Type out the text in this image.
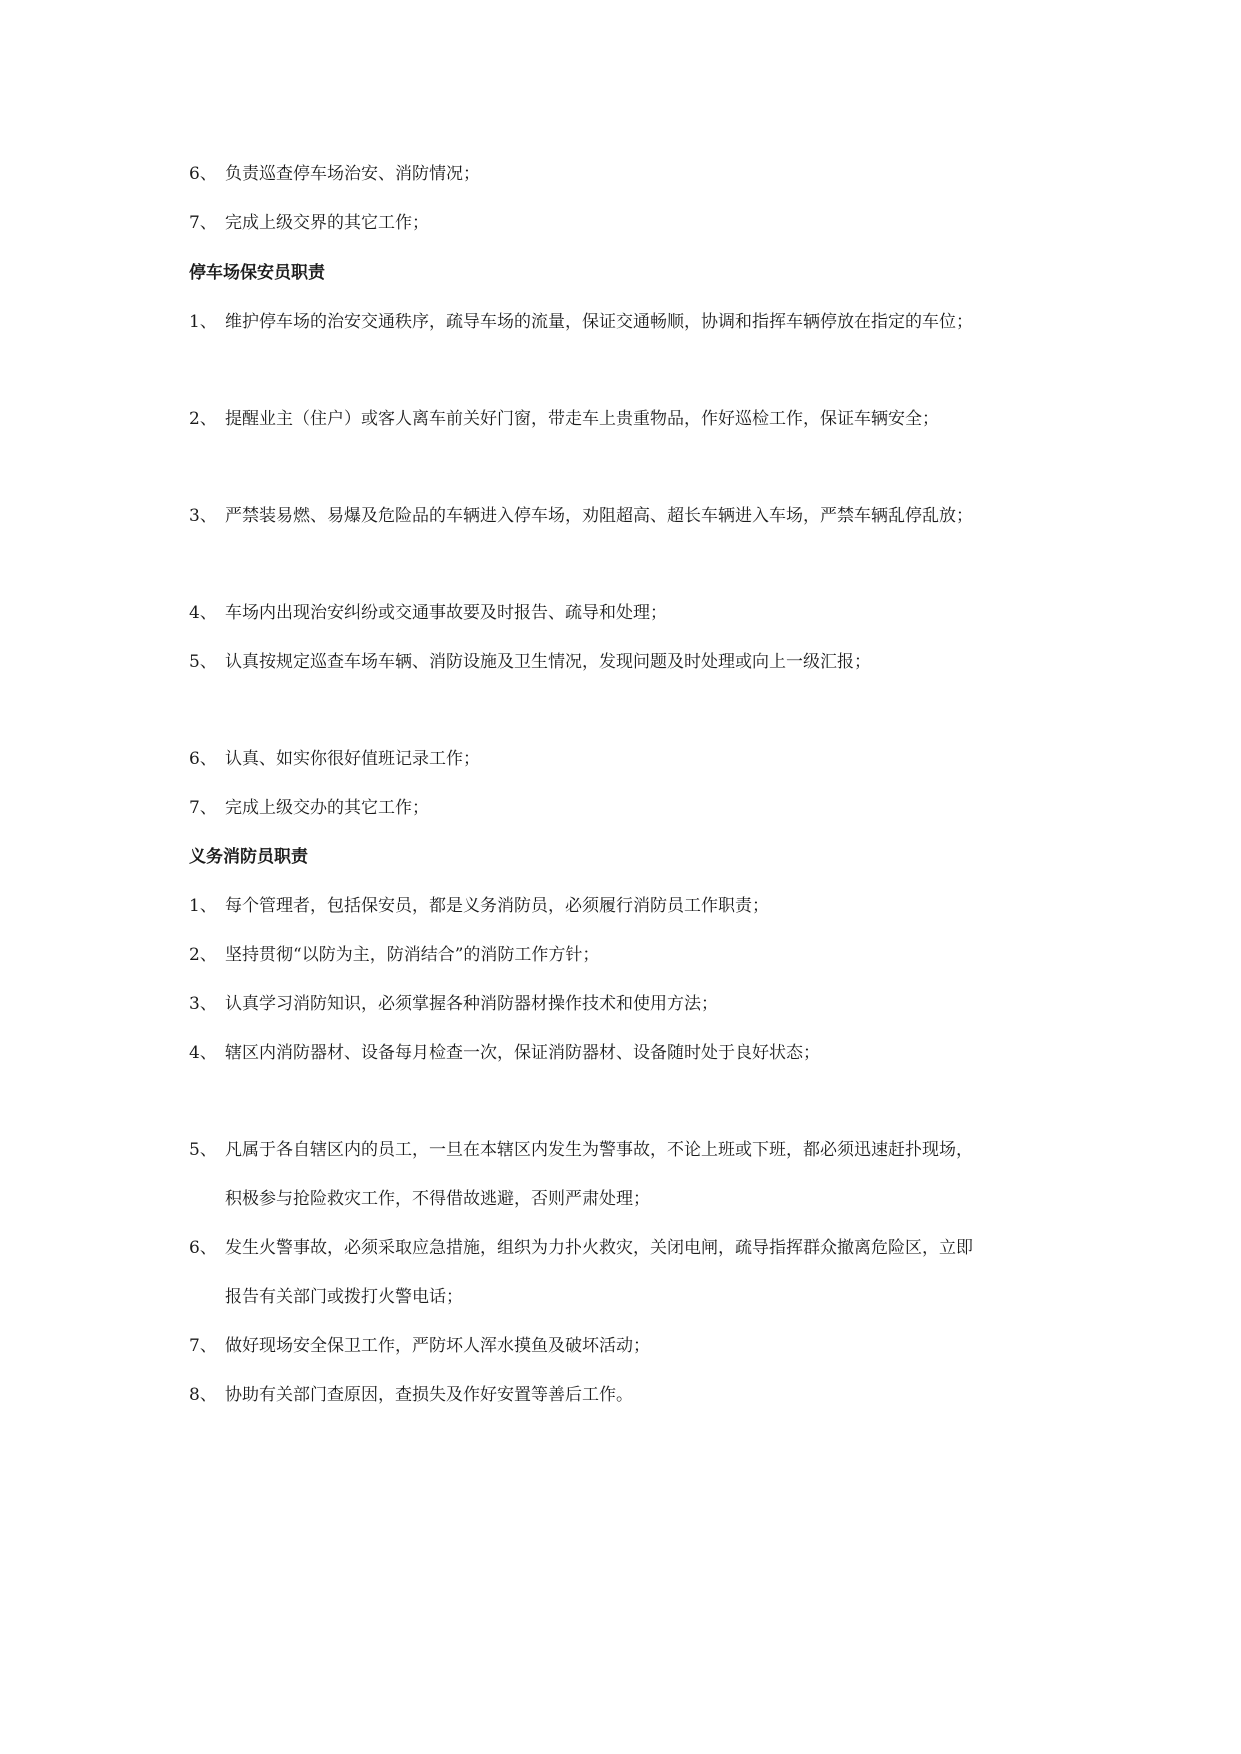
6、 负责巡查停车场治安、消防情况；
7、 完成上级交界的其它工作；
停车场保安员职责
1、 维护停车场的治安交通秩序，疏导车场的流量，保证交通畅顺，协调和指挥车辆停放在指定的车位；
2、 提醒业主（住户）或客人离车前关好门窗，带走车上贵重物品，作好巡检工作，保证车辆安全；
3、 严禁装易燃、易爆及危险品的车辆进入停车场，劝阻超高、超长车辆进入车场，严禁车辆乱停乱放；
4、 车场内出现治安纠纷或交通事故要及时报告、疏导和处理；
5、 认真按规定巡查车场车辆、消防设施及卫生情况，发现问题及时处理或向上一级汇报；
6、 认真、如实你很好值班记录工作；
7、 完成上级交办的其它工作；
义务消防员职责
1、 每个管理者，包括保安员，都是义务消防员，必须履行消防员工作职责；
2、 坚持贯彻“以防为主，防消结合”的消防工作方针；
3、 认真学习消防知识，必须掌握各种消防器材操作技术和使用方法；
4、 辖区内消防器材、设备每月检查一次，保证消防器材、设备随时处于良好状态；
5、 凡属于各自辖区内的员工，一旦在本辖区内发生为警事故，不论上班或下班，都必须迅速赶扑现场，
积极参与抢险救灾工作，不得借故逃避，否则严肃处理；
6、 发生火警事故，必须采取应急措施，组织为力扑火救灾，关闭电闸，疏导指挥群众撤离危险区，立即
报告有关部门或拨打火警电话；
7、 做好现场安全保卫工作，严防坏人浑水摸鱼及破坏活动；
8、 协助有关部门查原因，查损失及作好安置等善后工作。
